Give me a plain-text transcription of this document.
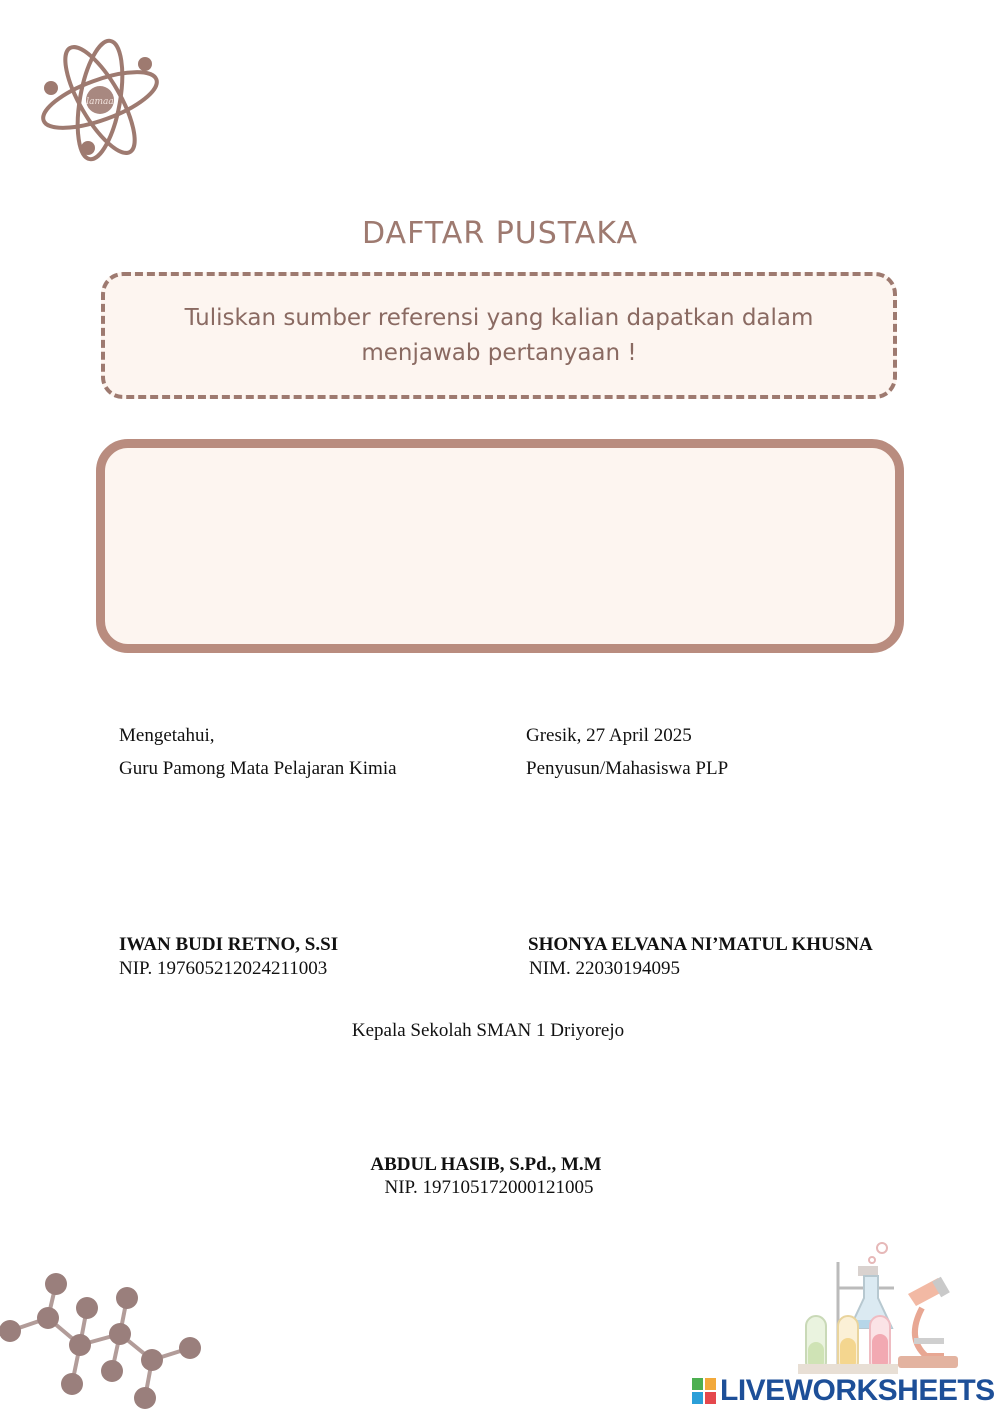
lamaa
DAFTAR PUSTAKA
Tuliskan sumber referensi yang kalian dapatkan dalam menjawab pertanyaan !
Mengetahui,
Guru Pamong Mata Pelajaran Kimia
IWAN BUDI RETNO, S.SI
NIP. 197605212024211003
Gresik, 27 April 2025
Penyusun/Mahasiswa PLP
SHONYA ELVANA NI’MATUL KHUSNA
NIM. 22030194095
Kepala Sekolah SMAN 1 Driyorejo
ABDUL HASIB, S.Pd., M.M
NIP. 197105172000121005
LIVEWORKSHEETS
